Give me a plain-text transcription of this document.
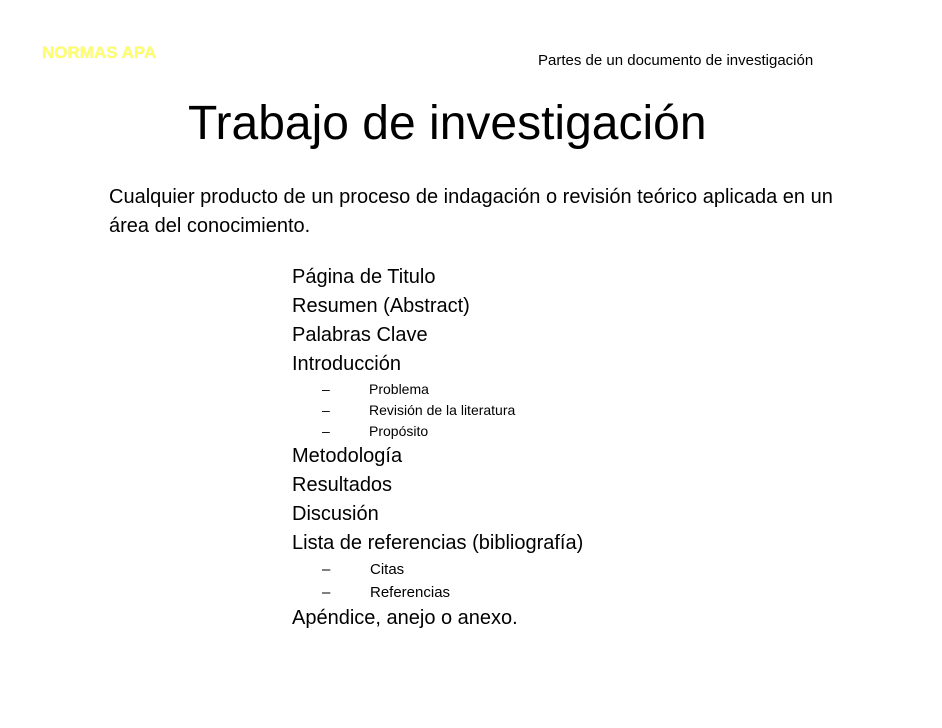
NORMAS APA	Partes de un documento de investigación
Trabajo de investigación
Cualquier producto de un proceso de indagación o revisión teórico aplicada en un área del conocimiento.
Página de Titulo
Resumen (Abstract)
Palabras Clave
Introducción
–	Problema
–	Revisión de la literatura
–	Propósito
Metodología
Resultados
Discusión
Lista de referencias (bibliografía)
–	Citas
–	Referencias
Apéndice, anejo o anexo.
